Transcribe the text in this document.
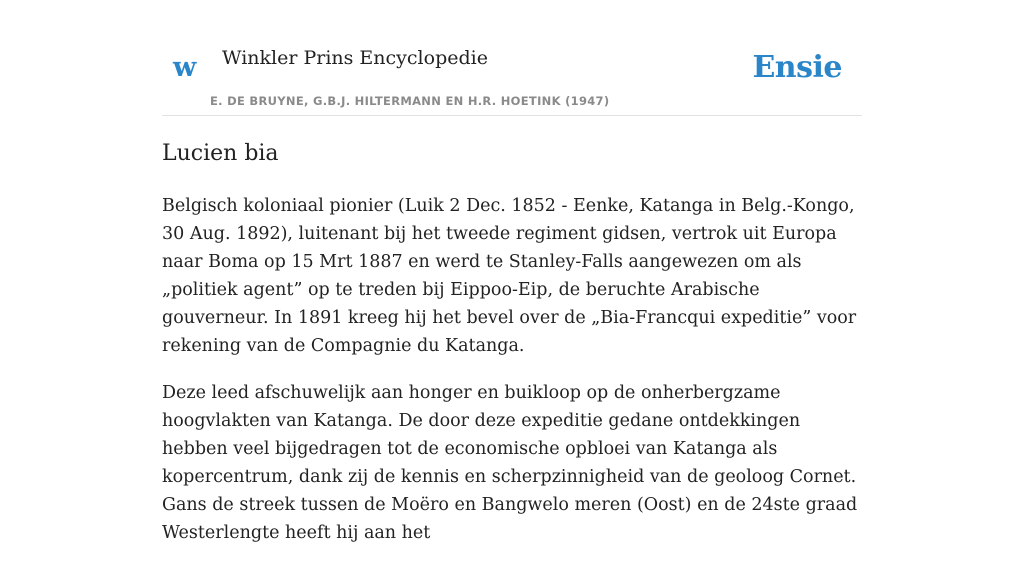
w Winkler Prins Encyclopedie
E. DE BRUYNE, G.B.J. HILTERMANN EN H.R. HOETINK (1947)
Ensie
Lucien bia

Belgisch koloniaal pionier (Luik 2 Dec. 1852 - Eenke, Katanga in Belg.-Kongo, 30 Aug. 1892), luitenant bij het tweede regiment gidsen, vertrok uit Europa naar Boma op 15 Mrt 1887 en werd te Stanley-Falls aangewezen om als „politiek agent” op te treden bij Eippoo-Eip, de beruchte Arabische gouverneur. In 1891 kreeg hij het bevel over de „Bia-Francqui expeditie” voor rekening van de Compagnie du Katanga.

Deze leed afschuwelijk aan honger en buikloop op de onherbergzame hoogvlakten van Katanga. De door deze expeditie gedane ontdekkingen hebben veel bijgedragen tot de economische opbloei van Katanga als kopercentrum, dank zij de kennis en scherpzinnigheid van de geoloog Cornet. Gans de streek tussen de Moëro en Bangwelo meren (Oost) en de 24ste graad Westerlengte heeft hij aan het
